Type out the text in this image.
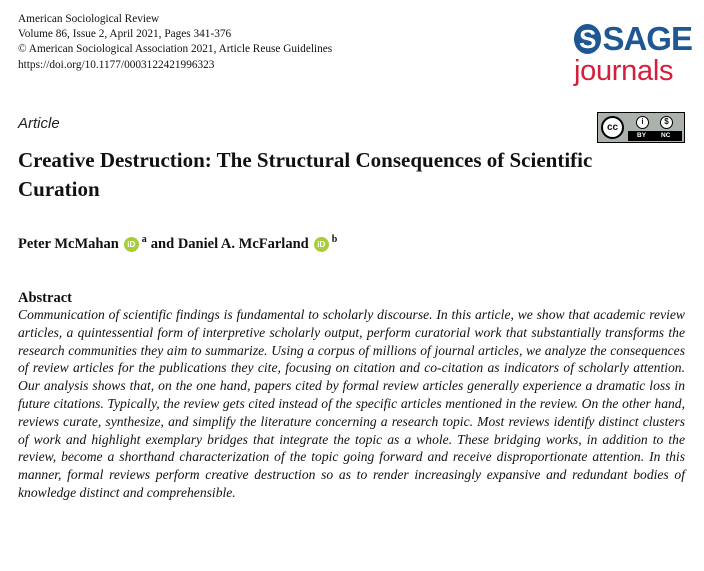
American Sociological Review
Volume 86, Issue 2, April 2021, Pages 341-376
© American Sociological Association 2021, Article Reuse Guidelines
https://doi.org/10.1177/0003122421996323
S SAGE
journals
Article	cc
i	$
BY NC
Creative Destruction: The Structural Consequences of Scientific Curation
Peter McMahan	iD a and
Daniel A. McFarland	iD b
Abstract
Communication of scientific findings is fundamental to scholarly discourse. In this article, we show that academic review articles, a quintessential form of interpretive scholarly output, perform curatorial work that substantially transforms the research communities they aim to summarize. Using a corpus of millions of journal articles, we analyze the consequences of review articles for the publications they cite, focusing on citation and co-citation as indicators of scholarly attention. Our analysis shows that, on the one hand, papers cited by formal review articles generally experience a dramatic loss in future citations. Typically, the review gets cited instead of the specific articles mentioned in the review. On the other hand, reviews curate, synthesize, and simplify the literature concerning a research topic. Most reviews identify distinct clusters of work and highlight exemplary bridges that integrate the topic as a whole. These bridging works, in addition to the review, become a shorthand characterization of the topic going forward and receive disproportionate attention. In this manner, formal reviews perform creative destruction so as to render increasingly expansive and redundant bodies of knowledge distinct and comprehensible.
